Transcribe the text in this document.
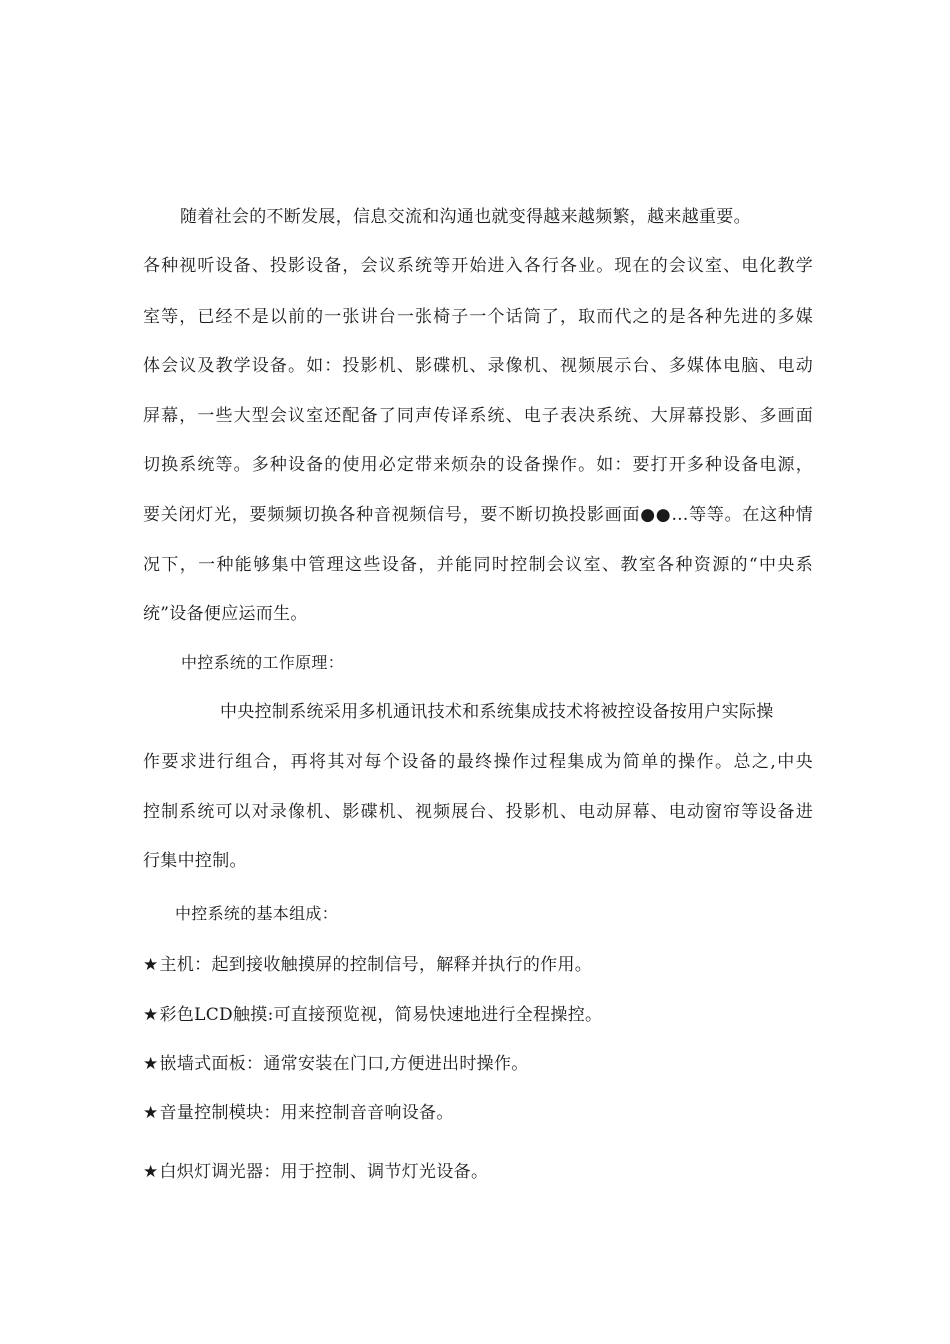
随着社会的不断发展，信息交流和沟通也就变得越来越频繁，越来越重要。
各种视听设备、投影设备，会议系统等开始进入各行各业。现在的会议室、电化教学
室等，已经不是以前的一张讲台一张椅子一个话筒了，取而代之的是各种先进的多媒
体会议及教学设备。如：投影机、影碟机、录像机、视频展示台、多媒体电脑、电动
屏幕，一些大型会议室还配备了同声传译系统、电子表决系统、大屏幕投影、多画面
切换系统等。多种设备的使用必定带来烦杂的设备操作。如：要打开多种设备电源，
要关闭灯光，要频频切换各种音视频信号，要不断切换投影画面●●…等等。在这种情
况下，一种能够集中管理这些设备，并能同时控制会议室、教室各种资源的“中央系
统”设备便应运而生。
中控系统的工作原理：
中央控制系统采用多机通讯技术和系统集成技术将被控设备按用户实际操
作要求进行组合，再将其对每个设备的最终操作过程集成为简单的操作。总之,中央
控制系统可以对录像机、影碟机、视频展台、投影机、电动屏幕、电动窗帘等设备进
行集中控制。
中控系统的基本组成：
★主机：起到接收触摸屏的控制信号，解释并执行的作用。
★彩色LCD触摸:可直接预览视，简易快速地进行全程操控。
★嵌墙式面板：通常安装在门口,方便进出时操作。
★音量控制模块：用来控制音音响设备。
★白炽灯调光器：用于控制、调节灯光设备。
